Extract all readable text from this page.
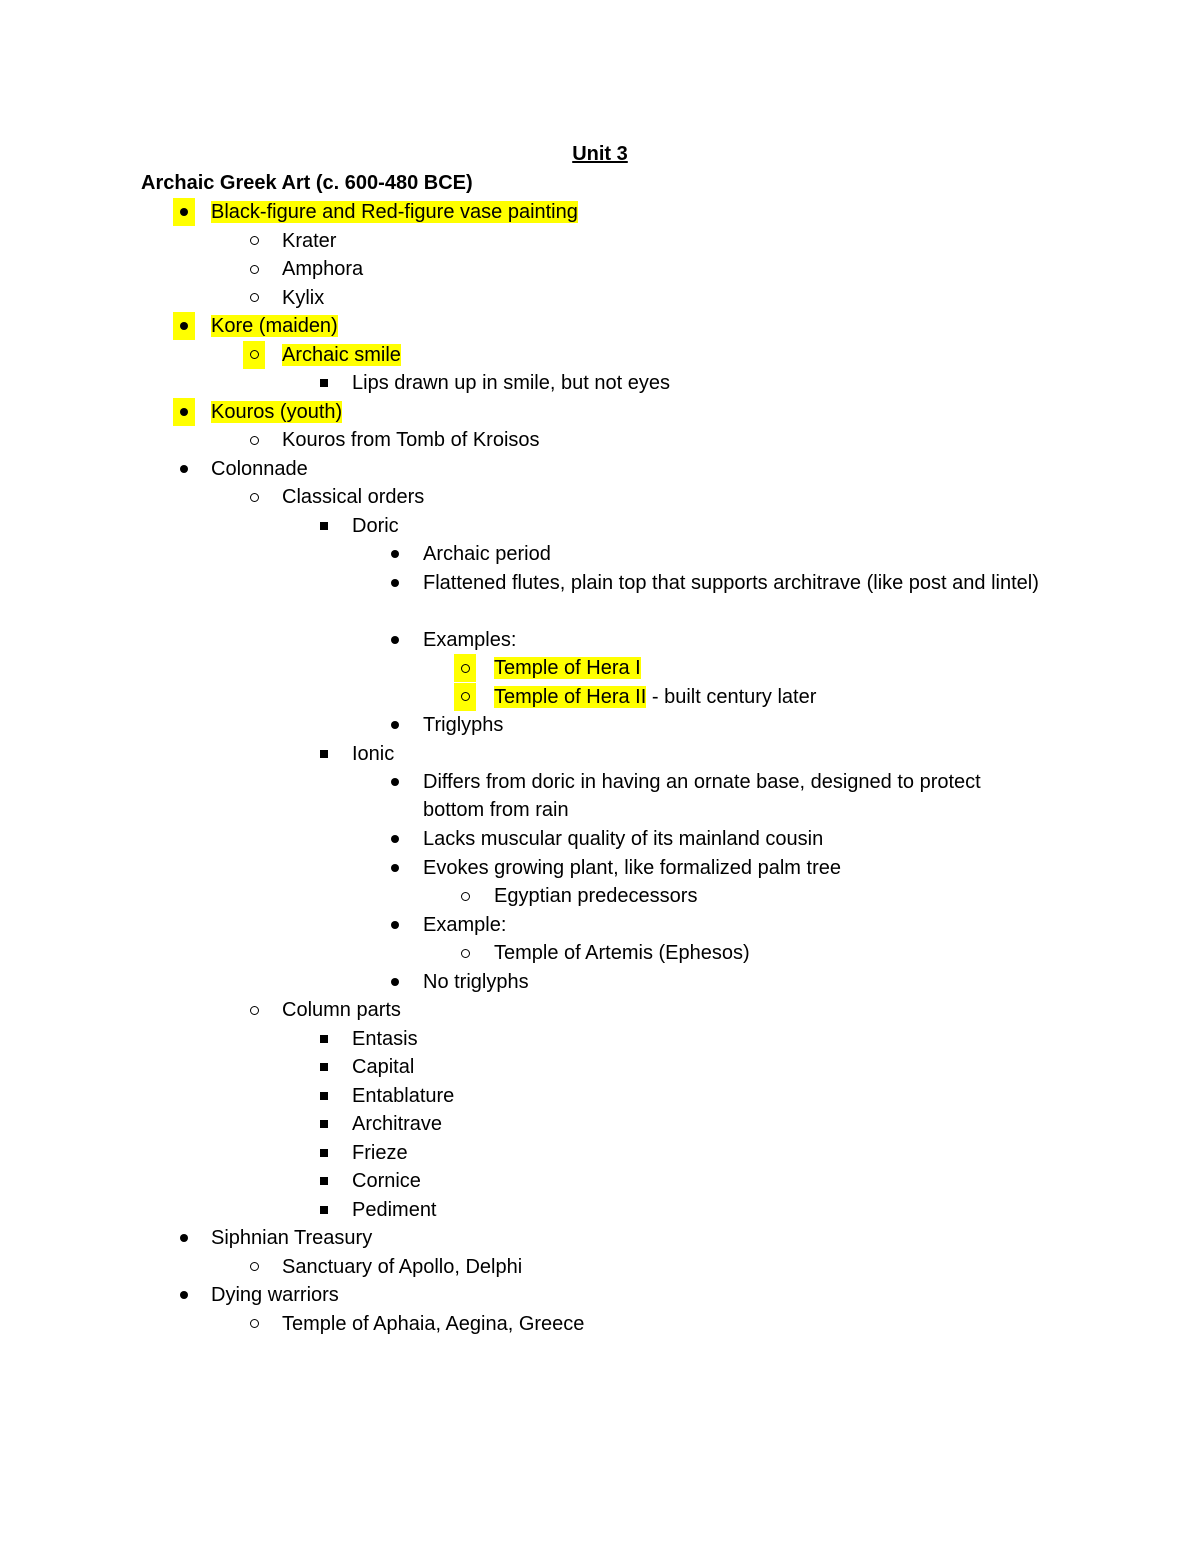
Unit 3
Archaic Greek Art (c. 600-480 BCE)
Black-figure and Red-figure vase painting
Krater
Amphora
Kylix
Kore (maiden)
Archaic smile
Lips drawn up in smile, but not eyes
Kouros (youth)
Kouros from Tomb of Kroisos
Colonnade
Classical orders
Doric
Archaic period
Flattened flutes, plain top that supports architrave (like post and lintel)
Examples:
Temple of Hera I
Temple of Hera II - built century later
Triglyphs
Ionic
Differs from doric in having an ornate base, designed to protect bottom from rain
Lacks muscular quality of its mainland cousin
Evokes growing plant, like formalized palm tree
Egyptian predecessors
Example:
Temple of Artemis (Ephesos)
No triglyphs
Column parts
Entasis
Capital
Entablature
Architrave
Frieze
Cornice
Pediment
Siphnian Treasury
Sanctuary of Apollo, Delphi
Dying warriors
Temple of Aphaia, Aegina, Greece
